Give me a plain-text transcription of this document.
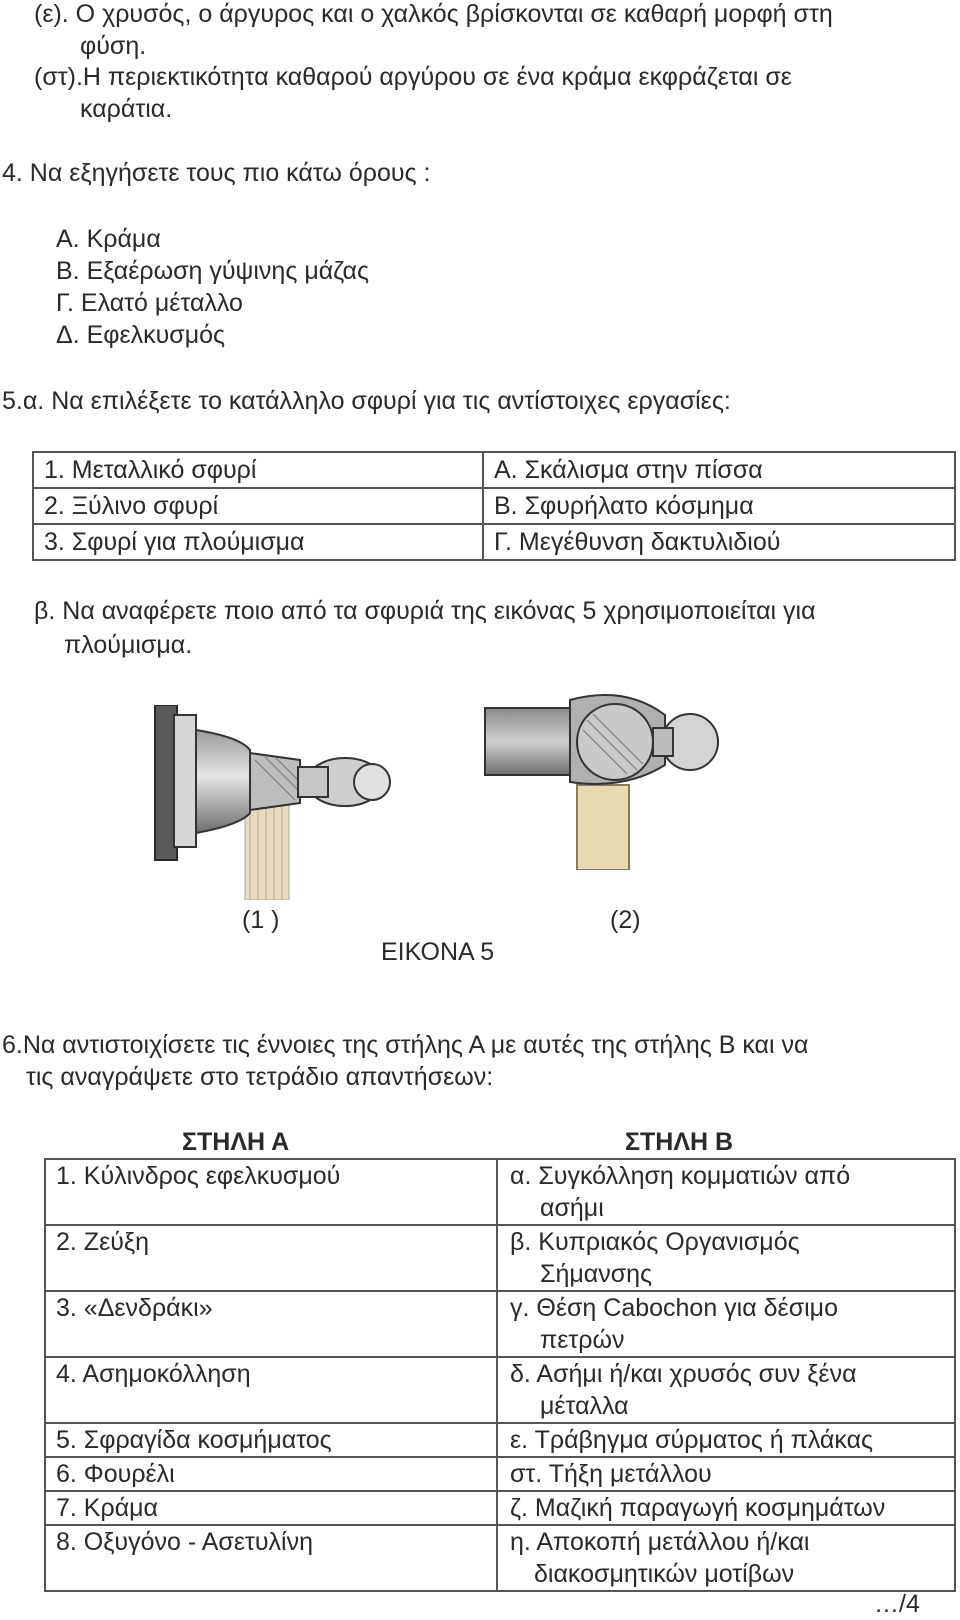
(ε). Ο χρυσός, ο άργυρος και ο χαλκός βρίσκονται σε καθαρή μορφή στη
φύση.
(στ).Η περιεκτικότητα καθαρού αργύρου σε ένα κράμα εκφράζεται σε
καράτια.
4. Να εξηγήσετε τους πιο κάτω όρους :
Α. Κράμα
Β. Εξαέρωση γύψινης μάζας
Γ. Ελατό μέταλλο
Δ. Εφελκυσμός
5.α. Να επιλέξετε το κατάλληλο σφυρί για τις αντίστοιχες εργασίες:
1. Μεταλλικό σφυρί	Α. Σκάλισμα στην πίσσα
2. Ξύλινο σφυρί	Β. Σφυρήλατο κόσμημα
3. Σφυρί για πλούμισμα	Γ. Μεγέθυνση δακτυλιδιού
β. Να αναφέρετε ποιο από τα σφυριά της εικόνας 5 χρησιμοποιείται για
πλούμισμα.
(1 )	(2)
ΕΙΚΟΝΑ 5
6.Να αντιστοιχίσετε τις έννοιες της στήλης Α με αυτές της στήλης Β και να
τις αναγράψετε στο τετράδιο απαντήσεων:
ΣΤΗΛΗ Α	ΣΤΗΛΗ Β
1. Κύλινδρος εφελκυσμού	α. Συγκόλληση κομματιών από
ασήμι

2. Ζεύξη	β. Κυπριακός Οργανισμός
Σήμανσης

3. «Δενδράκι»	γ. Θέση Cabochon για δέσιμο
πετρών

4. Ασημοκόλληση	δ. Ασήμι ή/και χρυσός συν ξένα
μέταλλα

5. Σφραγίδα κοσμήματος	ε. Τράβηγμα σύρματος ή πλάκας
6. Φουρέλι	στ. Τήξη μετάλλου
7. Κράμα	ζ. Μαζική παραγωγή κοσμημάτων
8. Οξυγόνο - Ασετυλίνη	η. Αποκοπή μετάλλου ή/και
διακοσμητικών μοτίβων
…/4
